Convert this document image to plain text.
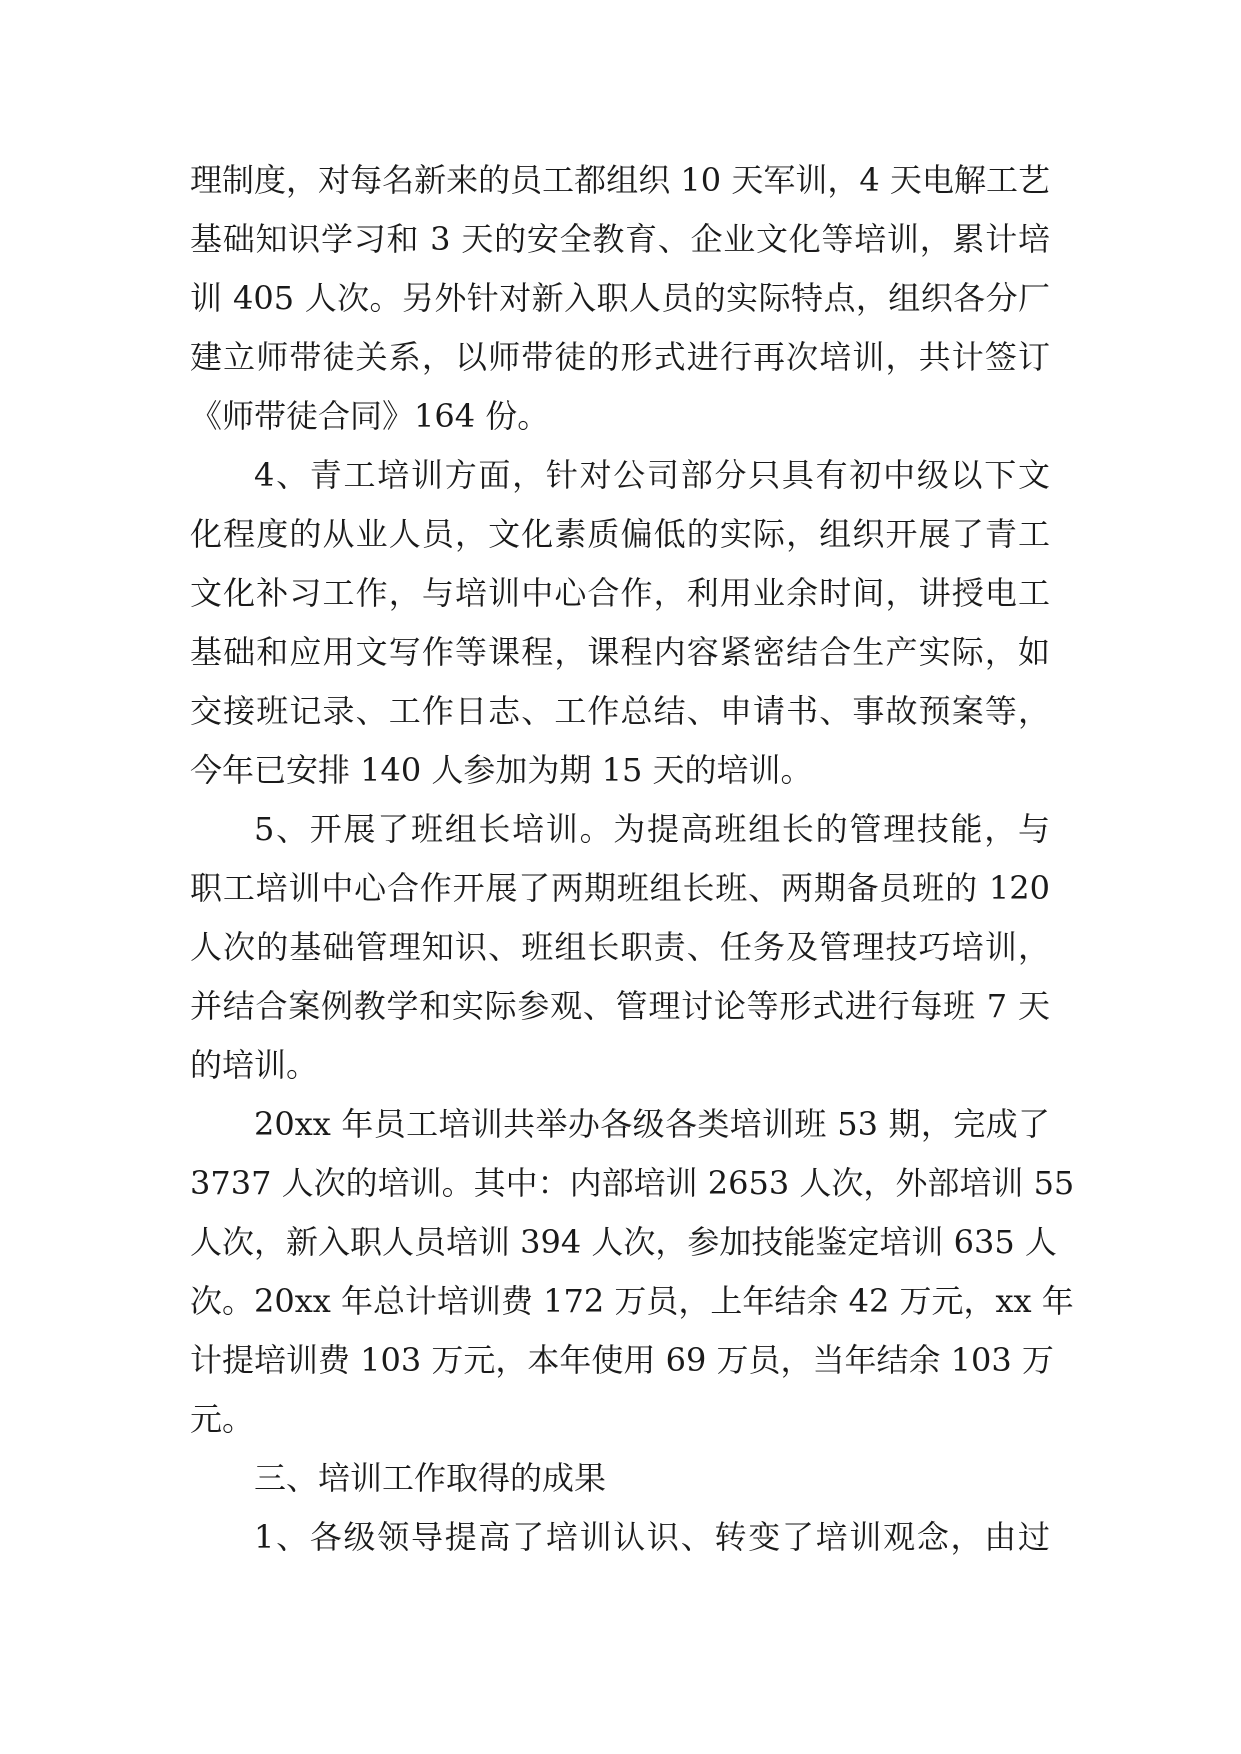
理制度，对每名新来的员工都组织 10 天军训，4 天电解工艺
基础知识学习和 3 天的安全教育、企业文化等培训，累计培
训 405 人次。另外针对新入职人员的实际特点，组织各分厂
建立师带徒关系，以师带徒的形式进行再次培训，共计签订
《师带徒合同》164 份。
4、青工培训方面，针对公司部分只具有初中级以下文
化程度的从业人员，文化素质偏低的实际，组织开展了青工
文化补习工作，与培训中心合作，利用业余时间，讲授电工
基础和应用文写作等课程，课程内容紧密结合生产实际，如
交接班记录、工作日志、工作总结、申请书、事故预案等，
今年已安排 140 人参加为期 15 天的培训。
5、开展了班组长培训。为提高班组长的管理技能，与
职工培训中心合作开展了两期班组长班、两期备员班的 120
人次的基础管理知识、班组长职责、任务及管理技巧培训，
并结合案例教学和实际参观、管理讨论等形式进行每班 7 天
的培训。
20xx 年员工培训共举办各级各类培训班 53 期，完成了
3737 人次的培训。其中：内部培训 2653 人次，外部培训 55
人次，新入职人员培训 394 人次，参加技能鉴定培训 635 人
次。20xx 年总计培训费 172 万员，上年结余 42 万元，xx 年
计提培训费 103 万元，本年使用 69 万员，当年结余 103 万
元。
三、培训工作取得的成果
1、各级领导提高了培训认识、转变了培训观念，由过
